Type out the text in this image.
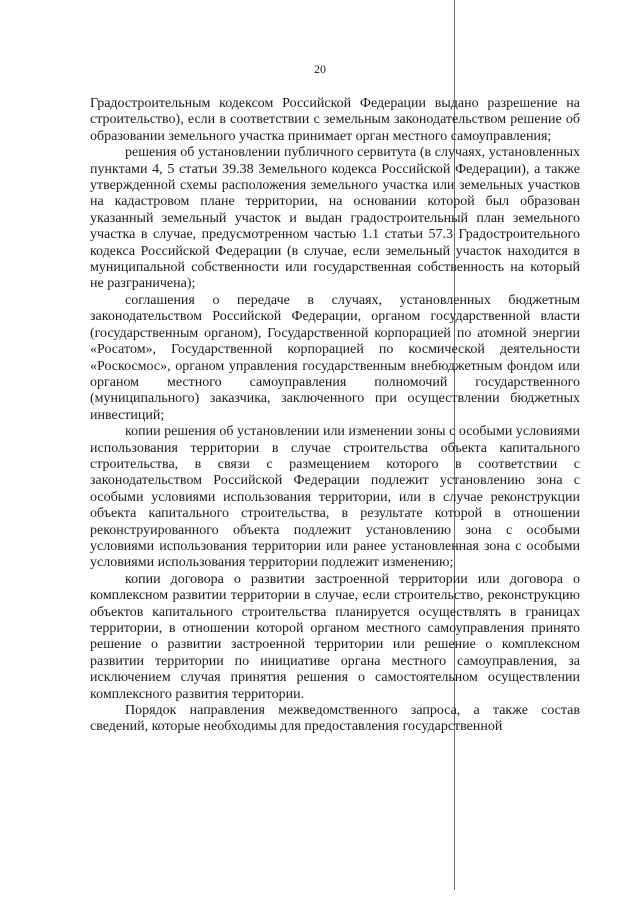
20

Градостроительным кодексом Российской Федерации выдано разрешение на строительство), если в соответствии с земельным законодательством решение об образовании земельного участка принимает орган местного самоуправления;

решения об установлении публичного сервитута (в случаях, установленных пунктами 4, 5 статьи 39.38 Земельного кодекса Российской Федерации), а также утвержденной схемы расположения земельного участка или земельных участков на кадастровом плане территории, на основании которой был образован указанный земельный участок и выдан градостроительный план земельного участка в случае, предусмотренном частью 1.1 статьи 57.3 Градостроительного кодекса Российской Федерации (в случае, если земельный участок находится в муниципальной собственности или государственная собственность на который не разграничена);

соглашения о передаче в случаях, установленных бюджетным законодательством Российской Федерации, органом государственной власти (государственным органом), Государственной корпорацией по атомной энергии «Росатом», Государственной корпорацией по космической деятельности «Роскосмос», органом управления государственным внебюджетным фондом или органом местного самоуправления полномочий государственного (муниципального) заказчика, заключенного при осуществлении бюджетных инвестиций;

копии решения об установлении или изменении зоны с особыми условиями использования территории в случае строительства объекта капитального строительства, в связи с размещением которого в соответствии с законодательством Российской Федерации подлежит установлению зона с особыми условиями использования территории, или в случае реконструкции объекта капитального строительства, в результате которой в отношении реконструированного объекта подлежит установлению зона с особыми условиями использования территории или ранее установленная зона с особыми условиями использования территории подлежит изменению;

копии договора о развитии застроенной территории или договора о комплексном развитии территории в случае, если строительство, реконструкцию объектов капитального строительства планируется осуществлять в границах территории, в отношении которой органом местного самоуправления принято решение о развитии застроенной территории или решение о комплексном развитии территории по инициативе органа местного самоуправления, за исключением случая принятия решения о самостоятельном осуществлении комплексного развития территории.

Порядок направления межведомственного запроса, а также состав сведений, которые необходимы для предоставления государственной
